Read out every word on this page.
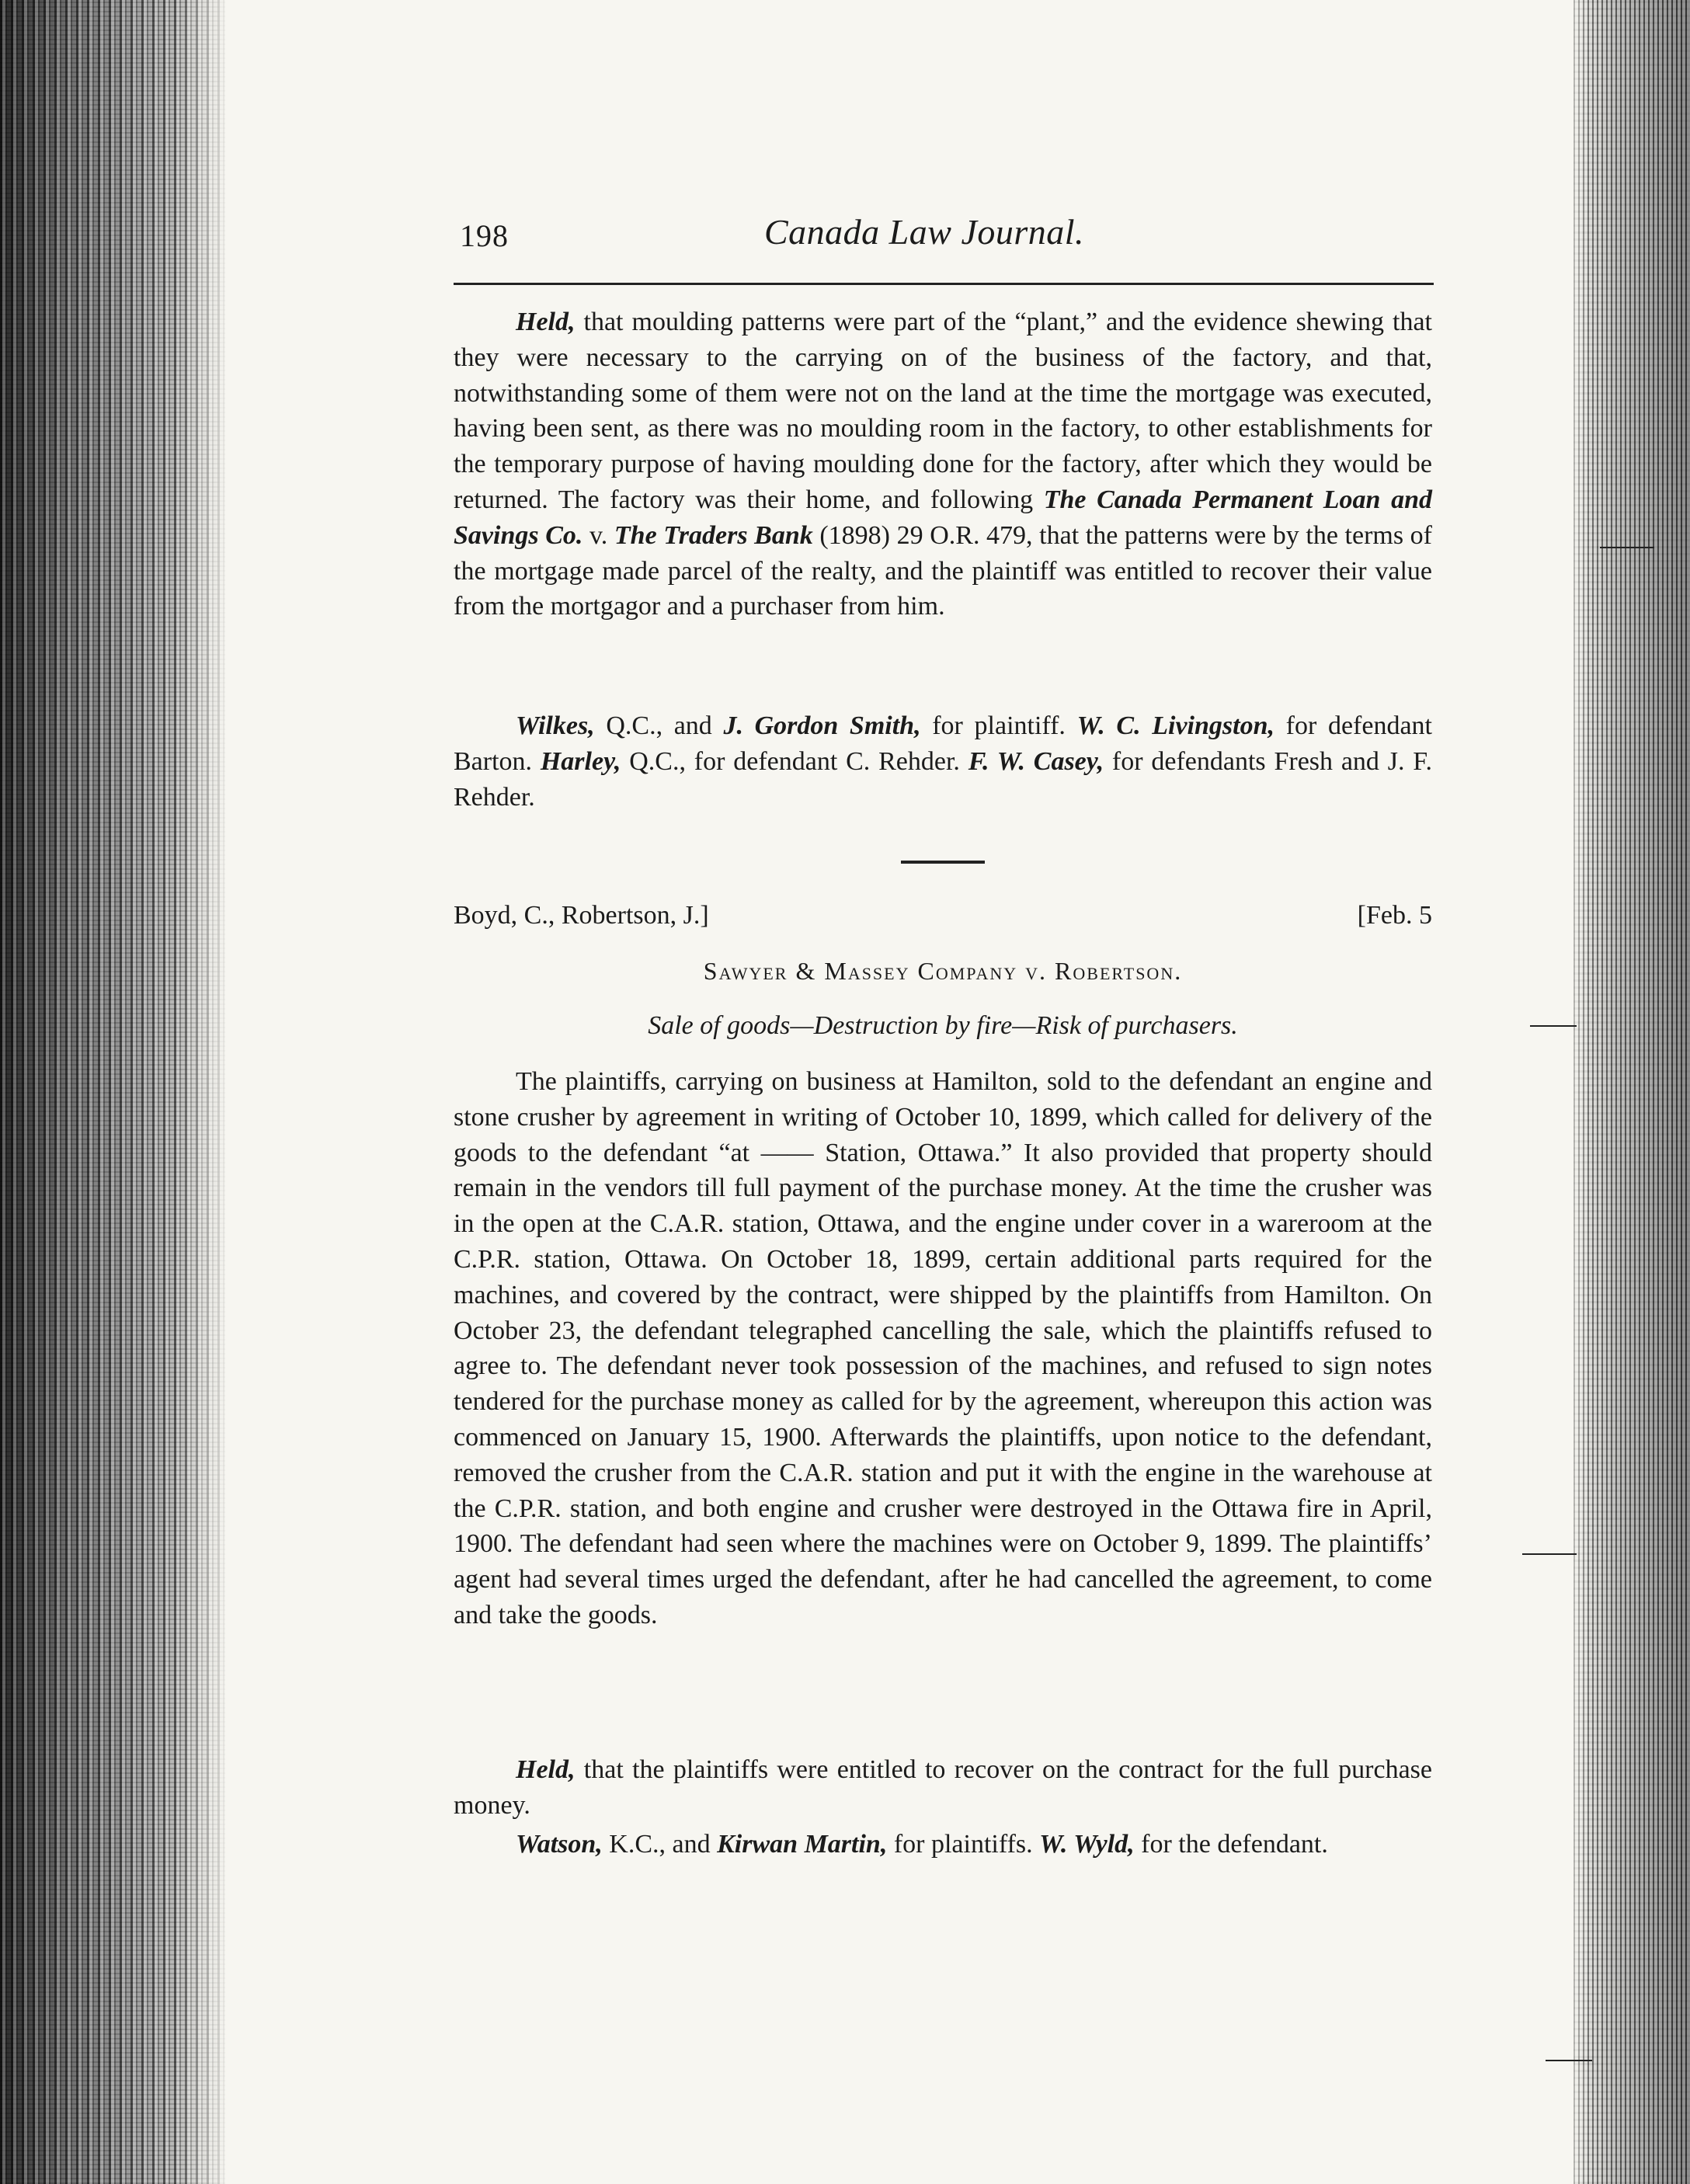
198	Canada Law Journal.

Held, that moulding patterns were part of the “plant,” and the evidence shewing that they were necessary to the carrying on of the business of the factory, and that, notwithstanding some of them were not on the land at the time the mortgage was executed, having been sent, as there was no moulding room in the factory, to other establishments for the temporary purpose of having moulding done for the factory, after which they would be returned. The factory was their home, and following The Canada Permanent Loan and Savings Co. v. The Traders Bank (1898) 29 O.R. 479, that the patterns were by the terms of the mortgage made parcel of the realty, and the plaintiff was entitled to recover their value from the mortgagor and a purchaser from him.

Wilkes, Q.C., and J. Gordon Smith, for plaintiff. W. C. Livingston, for defendant Barton. Harley, Q.C., for defendant C. Rehder. F. W. Casey, for defendants Fresh and J. F. Rehder.

Boyd, C., Robertson, J.]	[Feb. 5
Sawyer & Massey Company v. Robertson.
Sale of goods—Destruction by fire—Risk of purchasers.

The plaintiffs, carrying on business at Hamilton, sold to the defendant an engine and stone crusher by agreement in writing of October 10, 1899, which called for delivery of the goods to the defendant “at —— Station, Ottawa.” It also provided that property should remain in the vendors till full payment of the purchase money. At the time the crusher was in the open at the C.A.R. station, Ottawa, and the engine under cover in a wareroom at the C.P.R. station, Ottawa. On October 18, 1899, certain additional parts required for the machines, and covered by the contract, were shipped by the plaintiffs from Hamilton. On October 23, the defendant telegraphed cancelling the sale, which the plaintiffs refused to agree to. The defendant never took possession of the machines, and refused to sign notes tendered for the purchase money as called for by the agreement, whereupon this action was commenced on January 15, 1900. Afterwards the plaintiffs, upon notice to the defendant, removed the crusher from the C.A.R. station and put it with the engine in the warehouse at the C.P.R. station, and both engine and crusher were destroyed in the Ottawa fire in April, 1900. The defendant had seen where the machines were on October 9, 1899. The plaintiffs’ agent had several times urged the defendant, after he had cancelled the agreement, to come and take the goods.

Held, that the plaintiffs were entitled to recover on the contract for the full purchase money.

Watson, K.C., and Kirwan Martin, for plaintiffs. W. Wyld, for the defendant.
